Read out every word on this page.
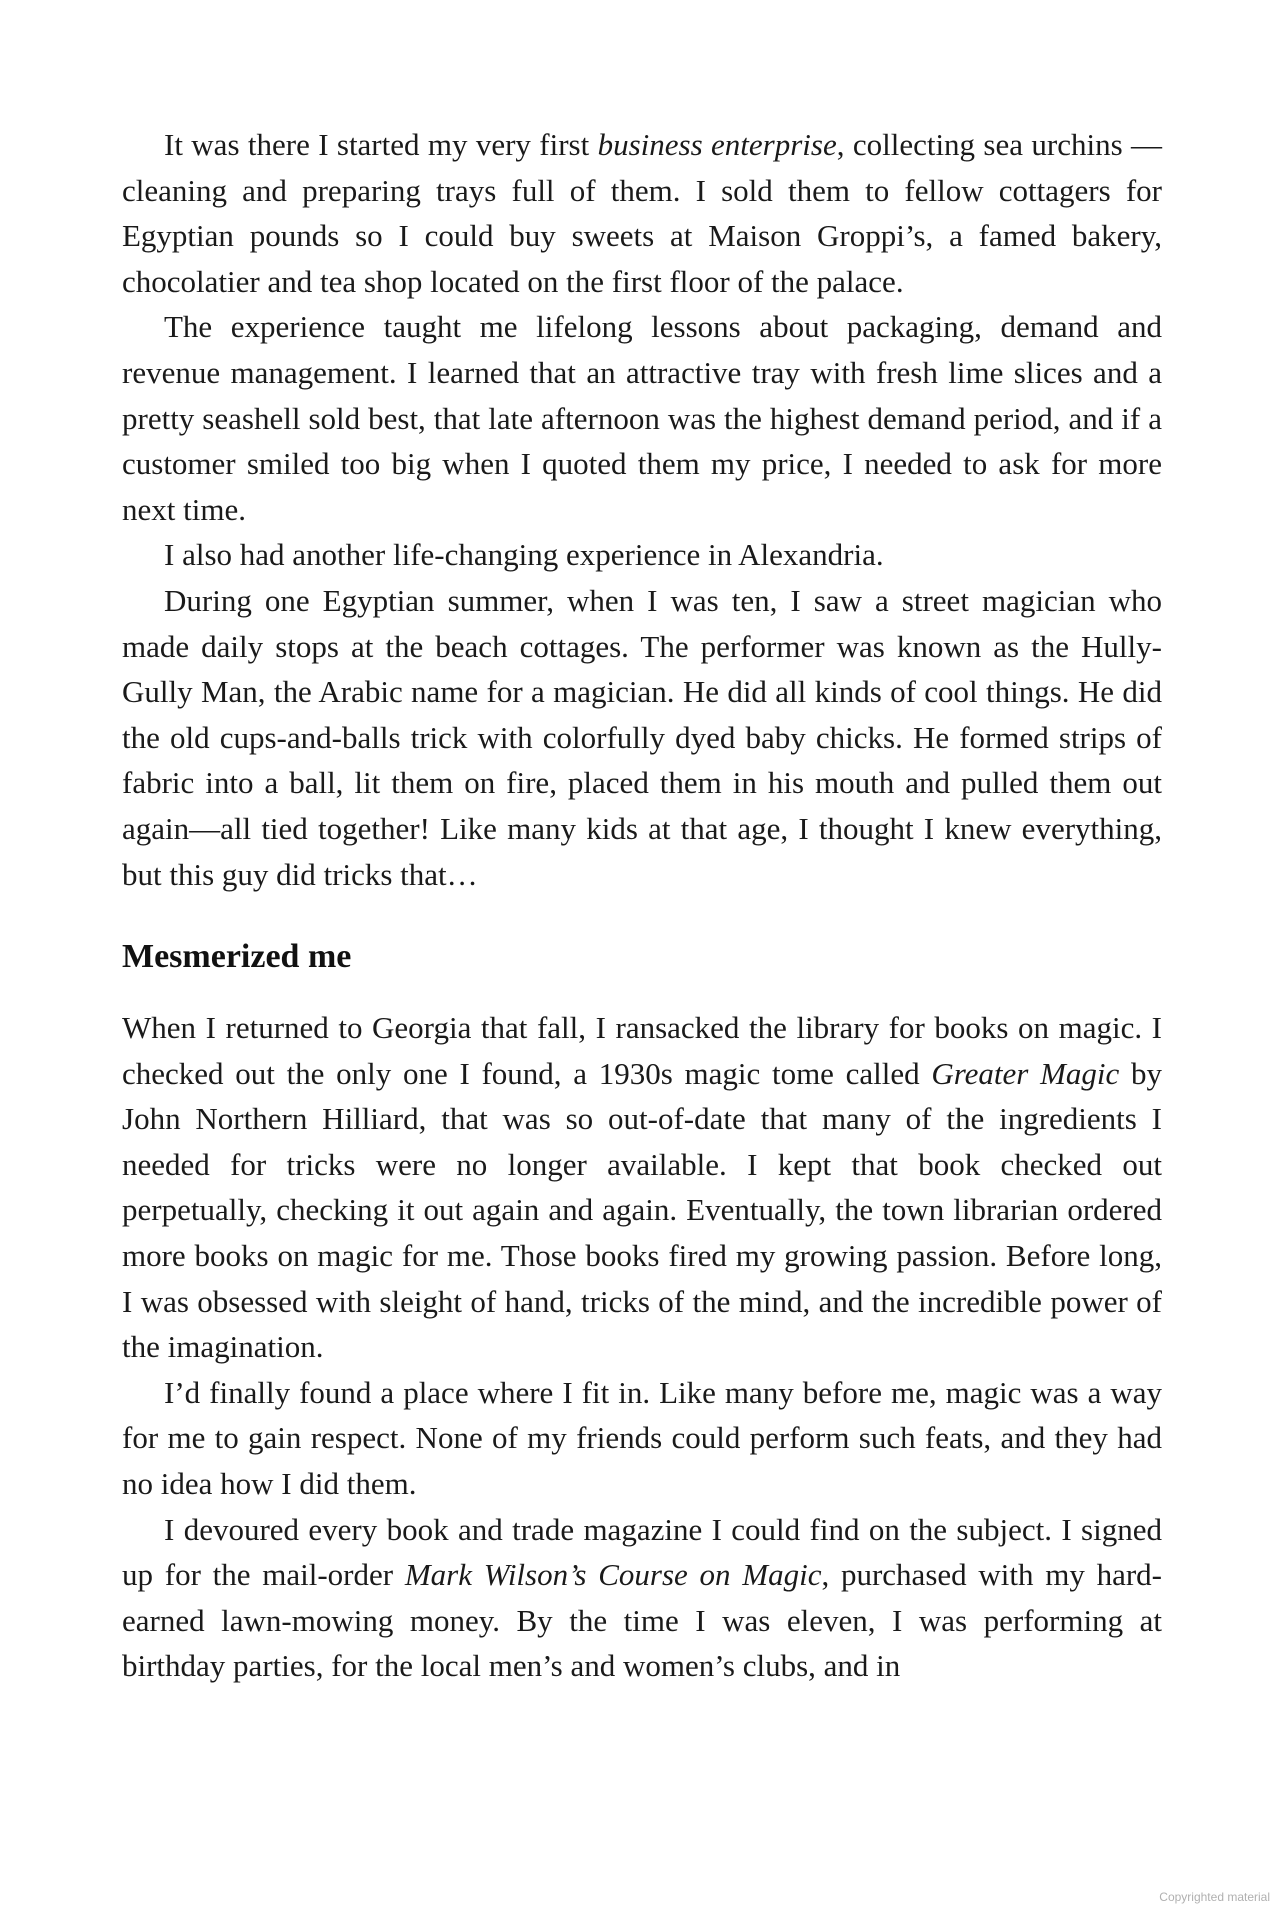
It was there I started my very first business enterprise, collecting sea urchins —cleaning and preparing trays full of them. I sold them to fellow cottagers for Egyptian pounds so I could buy sweets at Maison Groppi’s, a famed bakery, chocolatier and tea shop located on the first floor of the palace.

The experience taught me lifelong lessons about packaging, demand and revenue management. I learned that an attractive tray with fresh lime slices and a pretty seashell sold best, that late afternoon was the highest demand period, and if a customer smiled too big when I quoted them my price, I needed to ask for more next time.

I also had another life-changing experience in Alexandria.

During one Egyptian summer, when I was ten, I saw a street magician who made daily stops at the beach cottages. The performer was known as the Hully-Gully Man, the Arabic name for a magician. He did all kinds of cool things. He did the old cups-and-balls trick with colorfully dyed baby chicks. He formed strips of fabric into a ball, lit them on fire, placed them in his mouth and pulled them out again—all tied together! Like many kids at that age, I thought I knew everything, but this guy did tricks that…

Mesmerized me

When I returned to Georgia that fall, I ransacked the library for books on magic. I checked out the only one I found, a 1930s magic tome called Greater Magic by John Northern Hilliard, that was so out-of-date that many of the ingredients I needed for tricks were no longer available. I kept that book checked out perpetually, checking it out again and again. Eventually, the town librarian ordered more books on magic for me. Those books fired my growing passion. Before long, I was obsessed with sleight of hand, tricks of the mind, and the incredible power of the imagination.

I’d finally found a place where I fit in. Like many before me, magic was a way for me to gain respect. None of my friends could perform such feats, and they had no idea how I did them.

I devoured every book and trade magazine I could find on the subject. I signed up for the mail-order Mark Wilson’s Course on Magic, purchased with my hard-earned lawn-mowing money. By the time I was eleven, I was performing at birthday parties, for the local men’s and women’s clubs, and in

Copyrighted material
